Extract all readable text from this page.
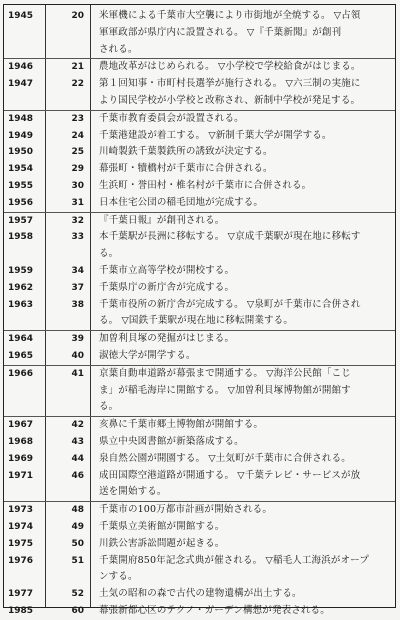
1945	20 米軍機による千葉市大空襲により市街地が全焼する。 ▽占領
軍軍政部が県庁内に設置される。 ▽『千葉新聞』が創刊
される。
1946	21 農地改革がはじめられる。 ▽小学校で学校給食がはじまる。
1947	22 第１回知事・市町村長選挙が施行される。 ▽六三制の実施に
より国民学校が小学校と改称され、新制中学校が発足する。
1948	23 千葉市教育委員会が設置される。
1949	24 千葉港建設が着工する。 ▽新制千葉大学が開学する。
1950	25 川崎製鉄千葉製鉄所の誘致が決定する。
1954	29 幕張町・犢橋村が千葉市に合併される。
1955	30 生浜町・誉田村・椎名村が千葉市に合併される。
1956	31 日本住宅公団の稲毛団地が完成する。
1957	32 『千葉日報』が創刊される。
1958	33 本千葉駅が長洲に移転する。 ▽京成千葉駅が現在地に移転す
る。
1959	34 千葉市立高等学校が開校する。
1962	37 千葉県庁の新庁舎が完成する。
1963	38 千葉市役所の新庁舎が完成する。 ▽泉町が千葉市に合併され
る。 ▽国鉄千葉駅が現在地に移転開業する。
1964	39 加曽利貝塚の発掘がはじまる。
1965	40 淑徳大学が開学する。
1966	41 京葉自動車道路が幕張まで開通する。 ▽海洋公民館「こじ
ま」が稲毛海岸に開館する。 ▽加曽利貝塚博物館が開館す
る。
1967	42 亥鼻に千葉市郷土博物館が開館する。
1968	43 県立中央図書館が新築落成する。
1969	44 泉自然公園が開園する。 ▽土気町が千葉市に合併される。
1971	46 成田国際空港道路が開通する。 ▽千葉テレビ・サービスが放
送を開始する。
1973	48 千葉市の100万都市計画が開始される。
1974	49 千葉県立美術館が開館する。
1975	50 川鉄公害訴訟問題が起きる。
1976	51 千葉開府850年記念式典が催される。 ▽稲毛人工海浜がオープ
ンする。
1977	52 土気の昭和の森で古代の建物遺構が出土する。
1985	60 幕張新都心区のテクノ・ガーデン構想が発表される。
